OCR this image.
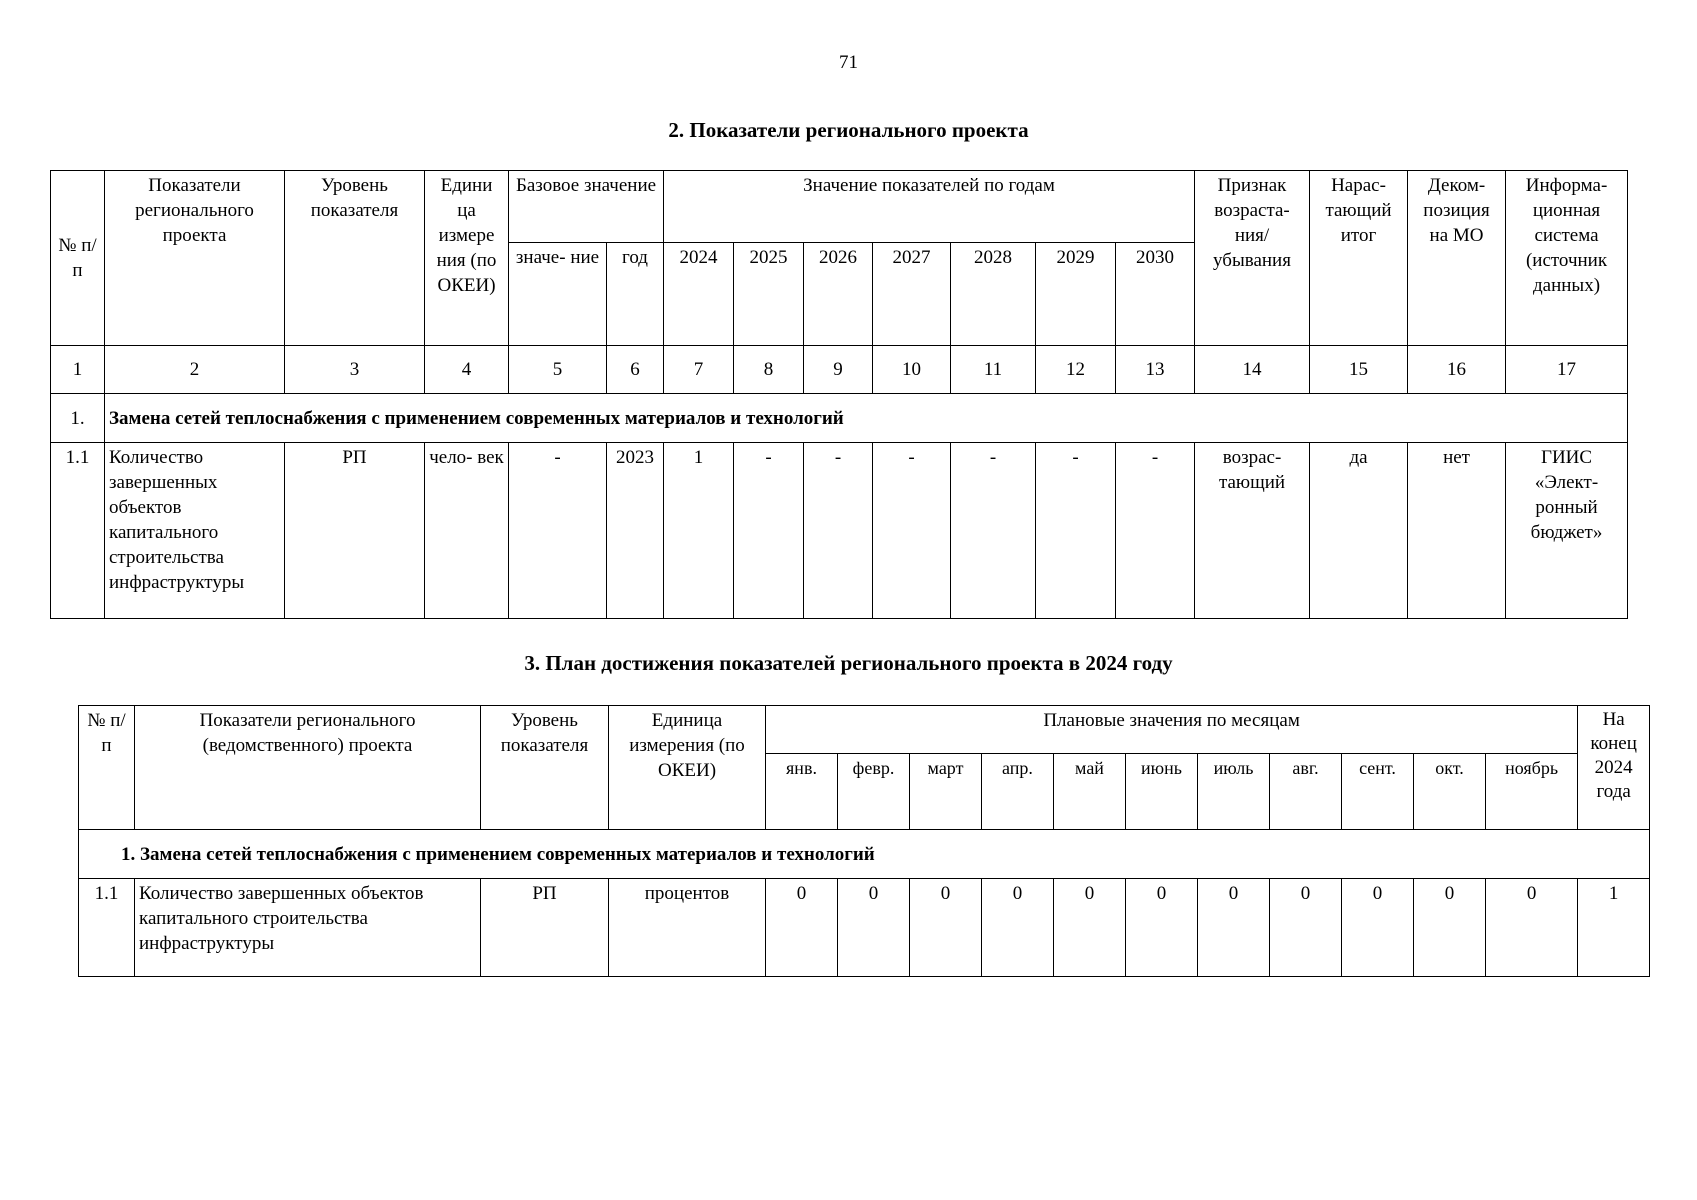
71
2. Показатели регионального проекта
№ п/п	Показатели регионального проекта	Уровень показателя	Едини ца измере ния (по ОКЕИ)	Базовое значение		Значение показателей по годам							Признак возраста- ния/ убывания	Нарас- тающий итог	Деком- позиция на МО	Информа- ционная система (источник данных)
				значе- ние	год	2024	2025	2026	2027	2028	2029	2030				
1	2	3	4	5	6	7	8	9	10	11	12	13	14	15	16	17
1.	Замена сетей теплоснабжения с применением современных материалов и технологий															
1.1	Количество завершенных объектов капитального строительства инфраструктуры	РП	чело- век	-	2023	1	-	-	-	-	-	-	возрас- тающий	да	нет	ГИИС «Элект- ронный бюджет»
3. План достижения показателей регионального проекта в 2024 году
№ п/п	Показатели регионального (ведомственного) проекта	Уровень показателя	Единица измерения (по ОКЕИ)	Плановые значения по месяцам											На конец 2024 года
				янв.	февр.	март	апр.	май	июнь	июль	авг.	сент.	окт.	ноябрь	
1. Замена сетей теплоснабжения с применением современных материалов и технологий															
1.1	Количество завершенных объектов капитального строительства инфраструктуры	РП	процентов	0	0	0	0	0	0	0	0	0	0	0	1
